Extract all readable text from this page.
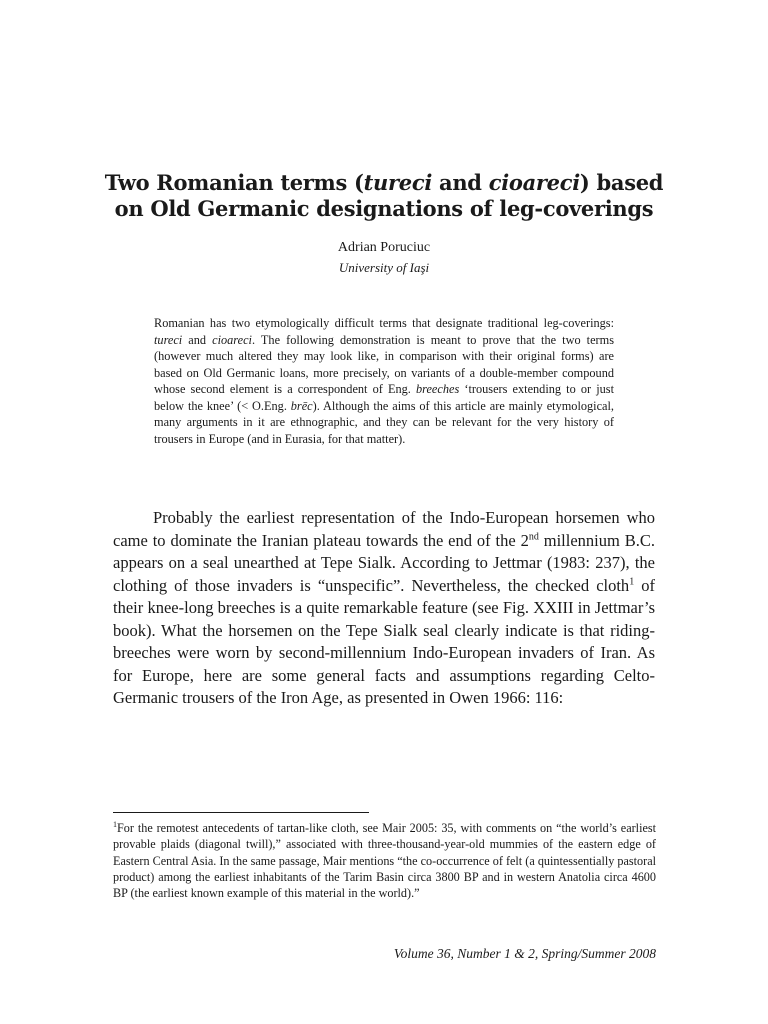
Two Romanian terms (tureci and cioareci) based on Old Germanic designations of leg-coverings
Adrian Poruciuc
University of Iaşi
Romanian has two etymologically difficult terms that designate traditional leg-coverings: tureci and cioareci. The following demonstration is meant to prove that the two terms (however much altered they may look like, in comparison with their original forms) are based on Old Germanic loans, more precisely, on variants of a double-member compound whose second element is a correspondent of Eng. breeches ‘trousers extending to or just below the knee’ (< O.Eng. brēc). Although the aims of this article are mainly etymological, many arguments in it are ethnographic, and they can be relevant for the very history of trousers in Europe (and in Eurasia, for that matter).
Probably the earliest representation of the Indo-European horsemen who came to dominate the Iranian plateau towards the end of the 2nd millennium B.C. appears on a seal unearthed at Tepe Sialk. According to Jettmar (1983: 237), the clothing of those invaders is “unspecific”. Nevertheless, the checked cloth$^1$ of their knee-long breeches is a quite remarkable feature (see Fig. XXIII in Jettmar’s book). What the horsemen on the Tepe Sialk seal clearly indicate is that riding-breeches were worn by second-millennium Indo-European invaders of Iran. As for Europe, here are some general facts and assumptions regarding Celto-Germanic trousers of the Iron Age, as presented in Owen 1966: 116:
$^1$For the remotest antecedents of tartan-like cloth, see Mair 2005: 35, with comments on “the world’s earliest provable plaids (diagonal twill),” associated with three-thousand-year-old mummies of the eastern edge of Eastern Central Asia. In the same passage, Mair mentions “the co-occurrence of felt (a quintessentially pastoral product) among the earliest inhabitants of the Tarim Basin circa 3800 BP and in western Anatolia circa 4600 BP (the earliest known example of this material in the world).”
Volume 36, Number 1 & 2, Spring/Summer 2008
